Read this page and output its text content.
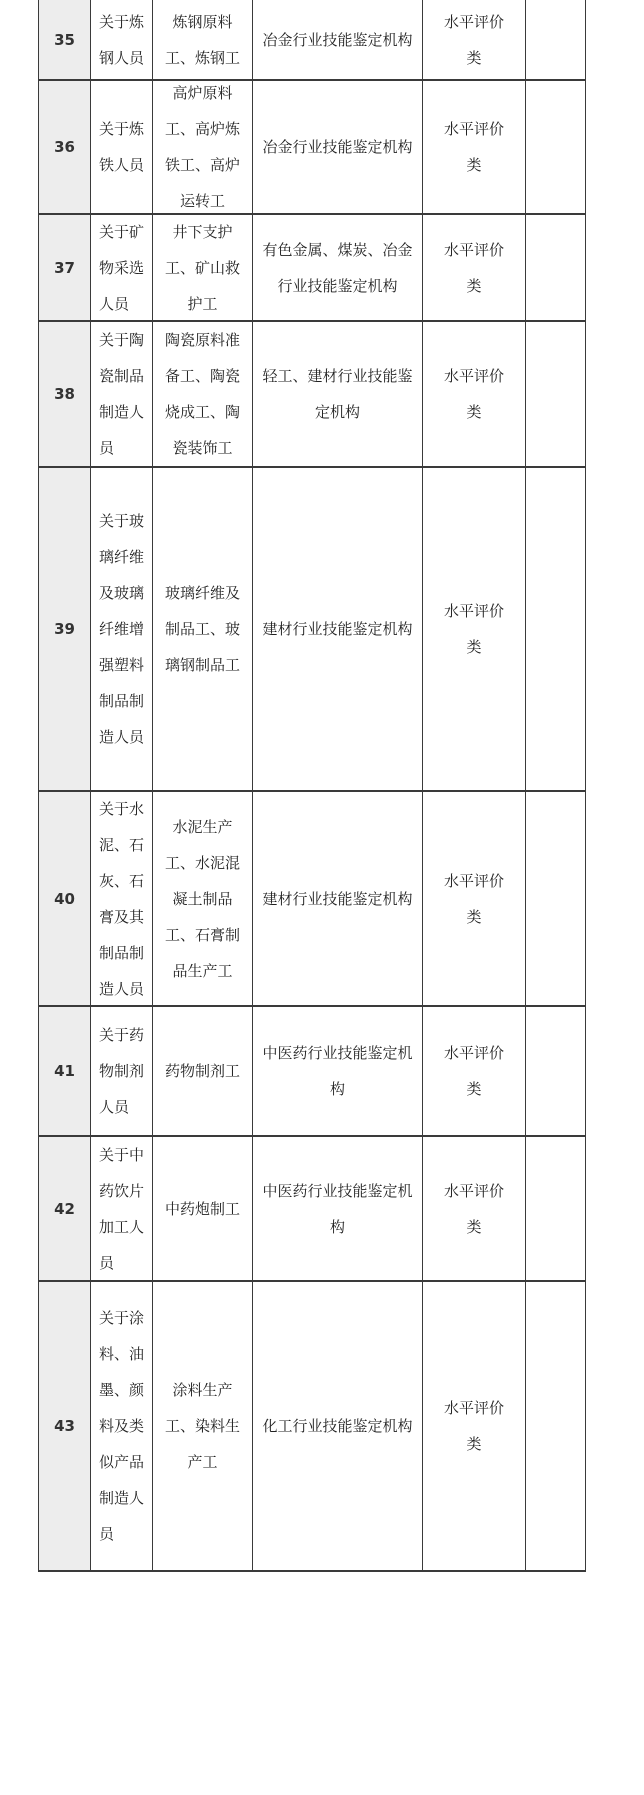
35
关于炼钢人员
炼钢原料工、炼钢工
冶金行业技能鉴定机构
水平评价类
36
关于炼铁人员
高炉原料工、高炉炼铁工、高炉运转工
冶金行业技能鉴定机构
水平评价类
37
关于矿物采选人员
井下支护工、矿山救护工
有色金属、煤炭、冶金行业技能鉴定机构
水平评价类
38
关于陶瓷制品制造人员
陶瓷原料准备工、陶瓷烧成工、陶瓷装饰工
轻工、建材行业技能鉴定机构
水平评价类
39
关于玻璃纤维及玻璃纤维增强塑料制品制造人员
玻璃纤维及制品工、玻璃钢制品工
建材行业技能鉴定机构
水平评价类
40
关于水泥、石灰、石膏及其制品制造人员
水泥生产工、水泥混凝土制品工、石膏制品生产工
建材行业技能鉴定机构
水平评价类
41
关于药物制剂人员
药物制剂工
中医药行业技能鉴定机构
水平评价类
42
关于中药饮片加工人员
中药炮制工
中医药行业技能鉴定机构
水平评价类
43
关于涂料、油墨、颜料及类似产品制造人员
涂料生产工、染料生产工
化工行业技能鉴定机构
水平评价类
